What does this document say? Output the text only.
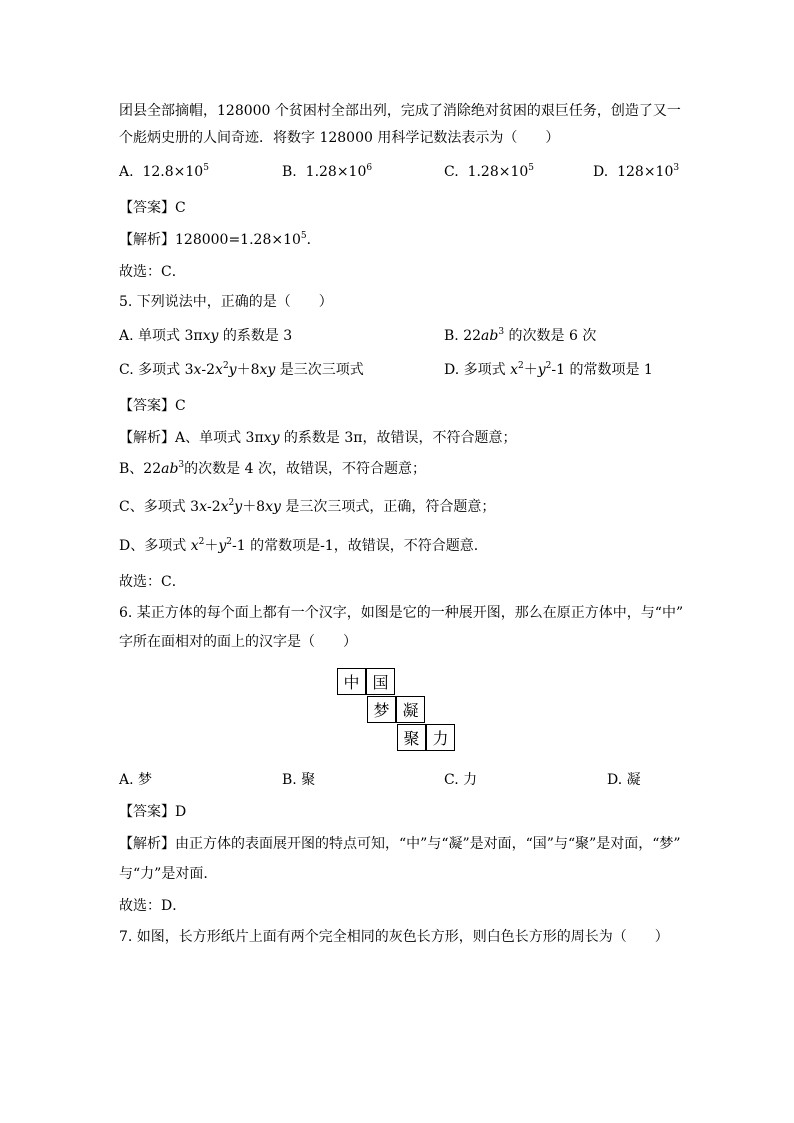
团县全部摘帽，128000 个贫困村全部出列，完成了消除绝对贫困的艰巨任务，创造了又一
个彪炳史册的人间奇迹．将数字 128000 用科学记数法表示为（　　）
A. $12.8\times 10^5$	B. $1.28\times 10^6$	C. $1.28\times 10^5$	D. $128\times 10^3$
【答案】C
【解析】$128000=1.28\times 10^5$．
故选：C．
5. 下列说法中，正确的是（　　）
A. 单项式 3πxy 的系数是 3	B. $22ab^3$ 的次数是 6 次
C. 多项式 $3x-2x^2y+8xy$ 是三次三项式	D. 多项式 $x^2+y^2-1$ 的常数项是 1
【答案】C
【解析】A、单项式 3πxy 的系数是 3π，故错误，不符合题意；
B、$22ab^3$的次数是 4 次，故错误，不符合题意；
C、多项式 $3x-2x^2y+8xy$ 是三次三项式，正确，符合题意；
D、多项式 $x^2+y^2-1$ 的常数项是-1，故错误，不符合题意.
故选：C．
6. 某正方体的每个面上都有一个汉字，如图是它的一种展开图，那么在原正方体中，与“中”
字所在面相对的面上的汉字是（　　）
中 国
梦 凝
聚 力
A. 梦	B. 聚	C. 力	D. 凝
【答案】D
【解析】由正方体的表面展开图的特点可知，“中”与“凝”是对面，“国”与“聚”是对面，“梦”
与“力”是对面.
故选：D．
7. 如图，长方形纸片上面有两个完全相同的灰色长方形，则白色长方形的周长为（　　）
